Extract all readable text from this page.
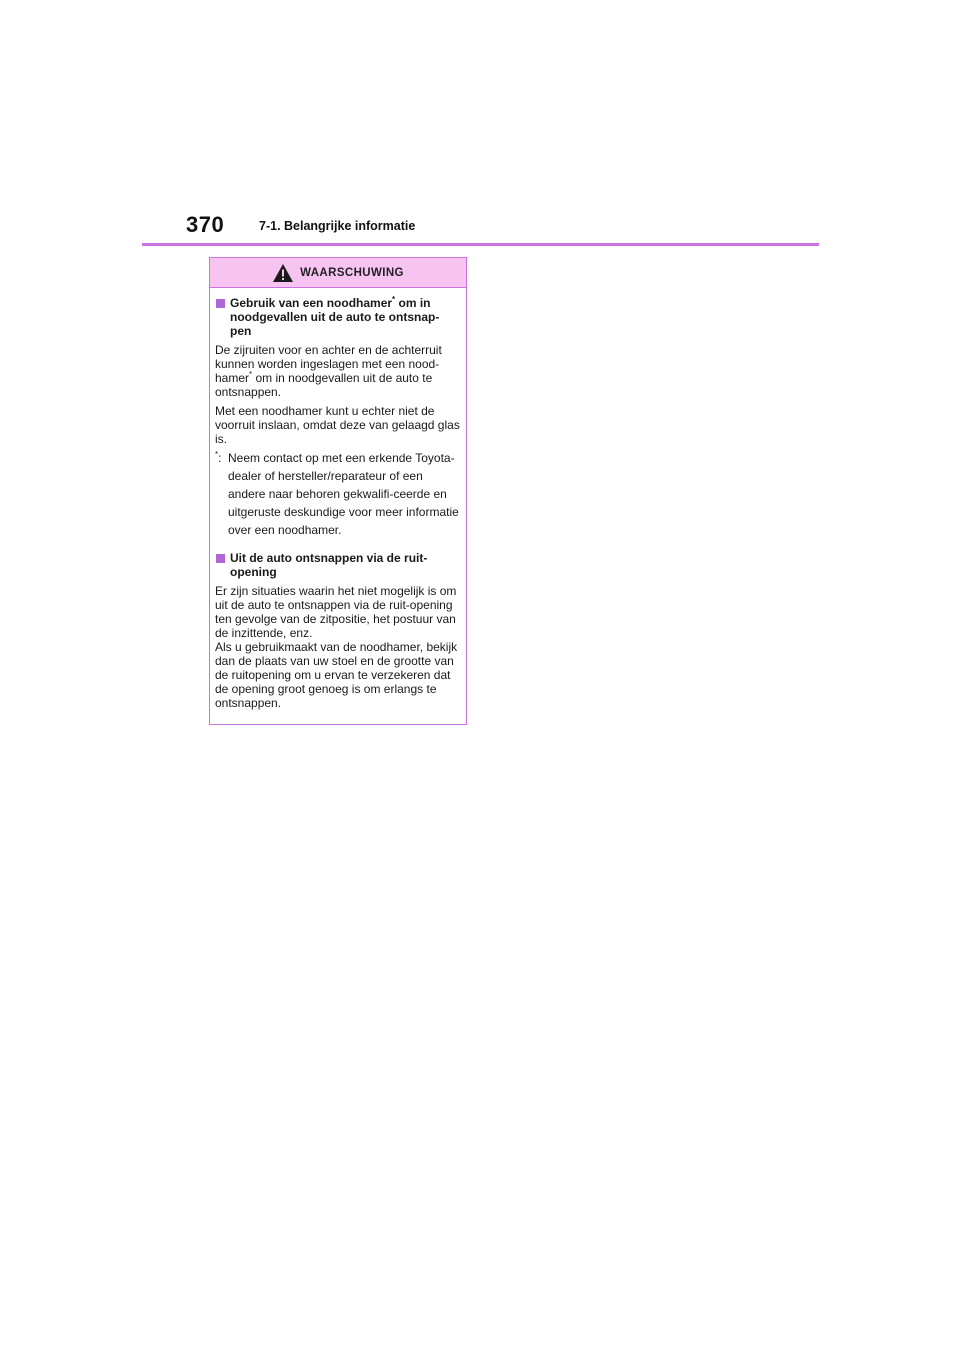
370	7-1. Belangrijke informatie
WAARSCHUWING
Gebruik van een noodhamer* om in noodgevallen uit de auto te ontsnap-pen

De zijruiten voor en achter en de achterruit kunnen worden ingeslagen met een nood-hamer* om in noodgevallen uit de auto te ontsnappen.

Met een noodhamer kunt u echter niet de voorruit inslaan, omdat deze van gelaagd glas is.

*: Neem contact op met een erkende Toyota-dealer of hersteller/reparateur of een andere naar behoren gekwalifi-ceerde en uitgeruste deskundige voor meer informatie over een noodhamer.
Uit de auto ontsnappen via de ruit-opening

Er zijn situaties waarin het niet mogelijk is om uit de auto te ontsnappen via de ruit-opening ten gevolge van de zitpositie, het postuur van de inzittende, enz.

Als u gebruikmaakt van de noodhamer, bekijk dan de plaats van uw stoel en de grootte van de ruitopening om u ervan te verzekeren dat de opening groot genoeg is om erlangs te ontsnappen.
